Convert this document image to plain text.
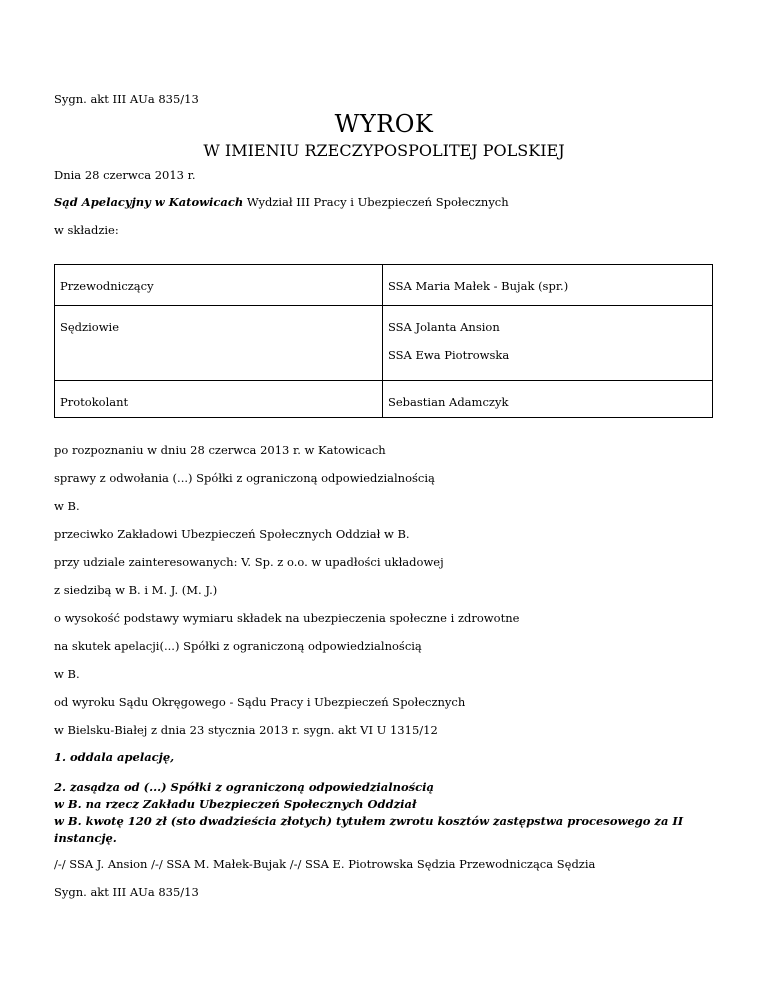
Sygn. akt III AUa 835/13
WYROK
W IMIENIU RZECZYPOSPOLITEJ POLSKIEJ
Dnia 28 czerwca 2013 r.
Sąd Apelacyjny w Katowicach Wydział III Pracy i Ubezpieczeń Społecznych
w składzie:
Przewodniczący	SSA Maria Małek - Bujak (spr.)

Sędziowie	SSA Jolanta Ansion
SSA Ewa Piotrowska

Protokolant	Sebastian Adamczyk
po rozpoznaniu w dniu 28 czerwca 2013 r. w Katowicach
sprawy z odwołania (...) Spółki z ograniczoną odpowiedzialnością
w B.
przeciwko Zakładowi Ubezpieczeń Społecznych Oddział w B.
przy udziale zainteresowanych: V. Sp. z o.o. w upadłości układowej
z siedzibą w B. i M. J. (M. J.)
o wysokość podstawy wymiaru składek na ubezpieczenia społeczne i zdrowotne
na skutek apelacji(...) Spółki z ograniczoną odpowiedzialnością
w B.
od wyroku Sądu Okręgowego - Sądu Pracy i Ubezpieczeń Społecznych
w Bielsku-Białej z dnia 23 stycznia 2013 r. sygn. akt VI U 1315/12
1. oddala apelację,
2. zasądza od (...) Spółki z ograniczoną odpowiedzialnością
w B. na rzecz Zakładu Ubezpieczeń Społecznych Oddział
w B. kwotę 120 zł (sto dwadzieścia złotych) tytułem zwrotu kosztów zastępstwa procesowego za II
instancję.
/-/ SSA J. Ansion /-/ SSA M. Małek-Bujak /-/ SSA E. Piotrowska Sędzia Przewodnicząca Sędzia
Sygn. akt III AUa 835/13
